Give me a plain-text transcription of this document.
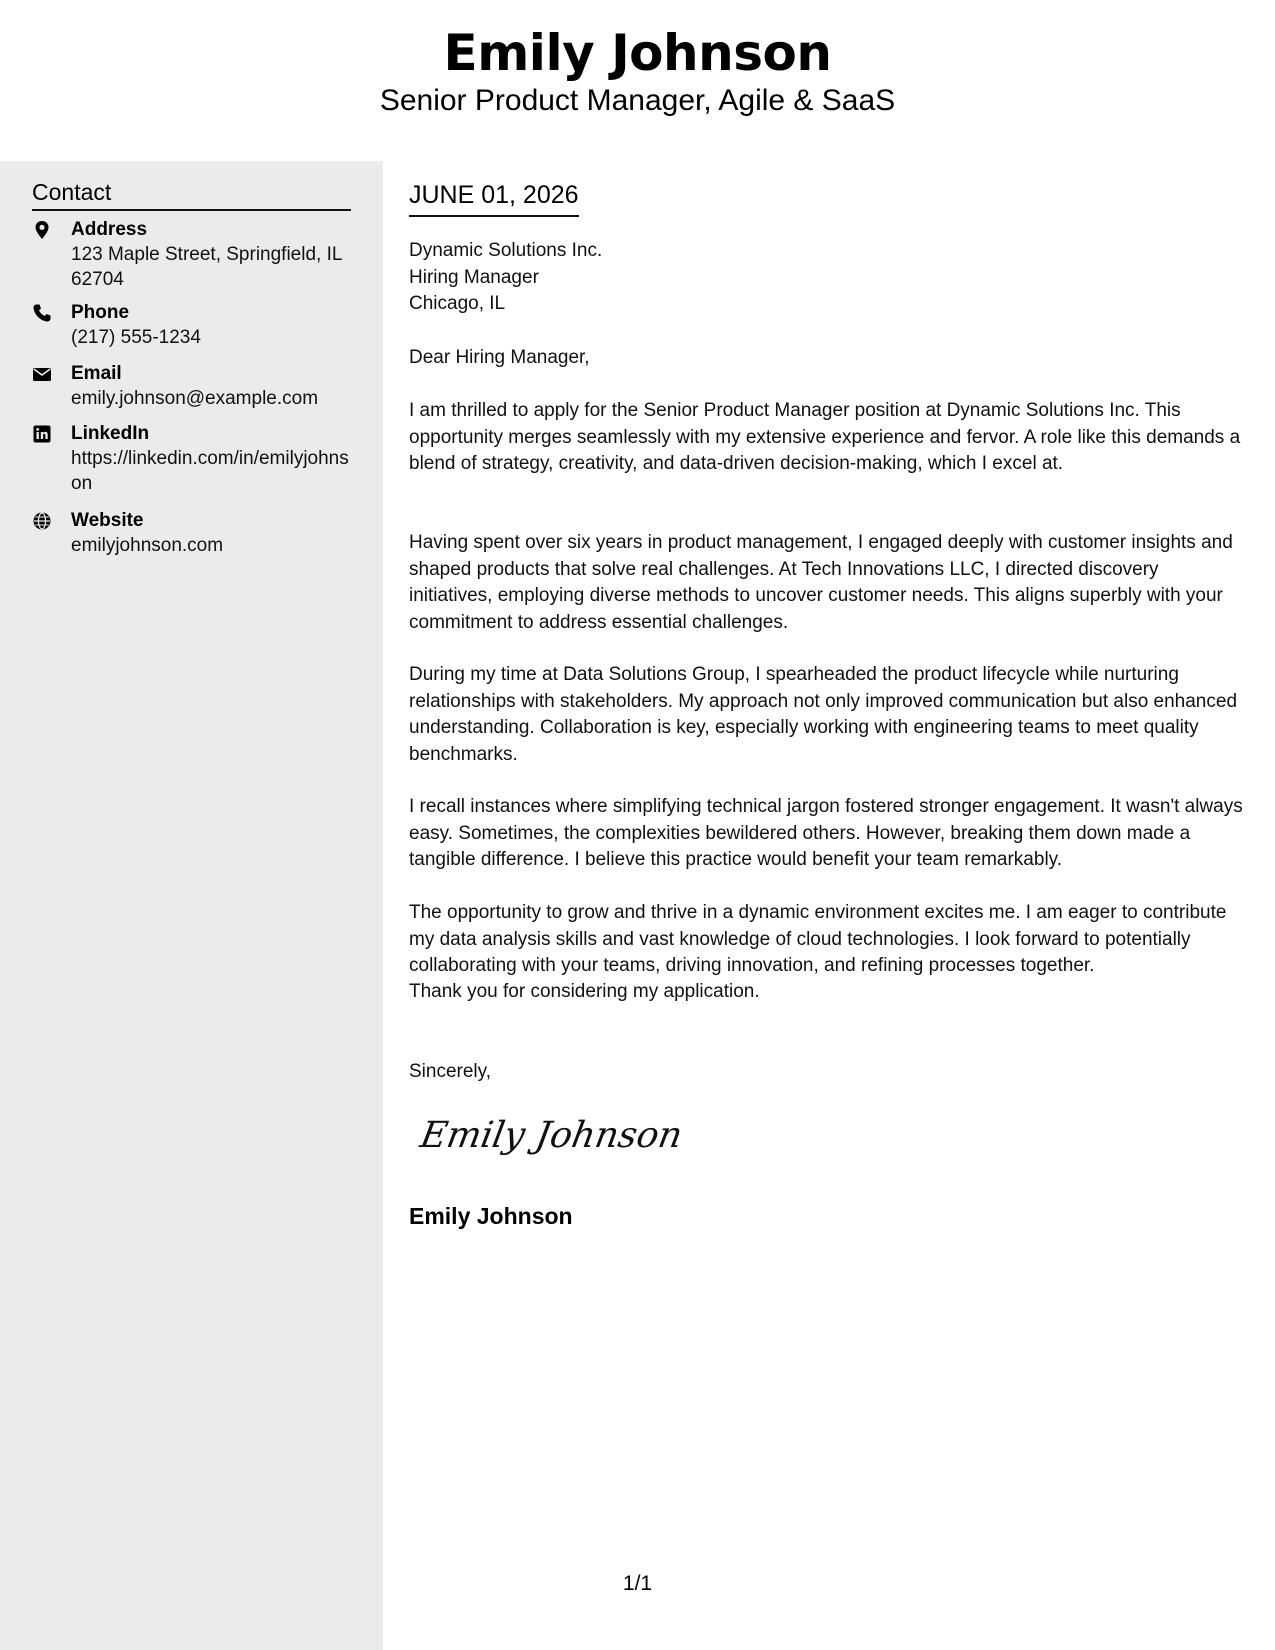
Emily Johnson
Senior Product Manager, Agile & SaaS
Contact
Address
123 Maple Street, Springfield, IL 62704
Phone
(217) 555-1234
Email
emily.johnson@example.com
LinkedIn
https://linkedin.com/in/emilyjohnson
Website
emilyjohnson.com
JUNE 01, 2026
Dynamic Solutions Inc.
Hiring Manager
Chicago, IL
Dear Hiring Manager,
I am thrilled to apply for the Senior Product Manager position at Dynamic Solutions Inc. This opportunity merges seamlessly with my extensive experience and fervor. A role like this demands a blend of strategy, creativity, and data-driven decision-making, which I excel at.
Having spent over six years in product management, I engaged deeply with customer insights and shaped products that solve real challenges. At Tech Innovations LLC, I directed discovery initiatives, employing diverse methods to uncover customer needs. This aligns superbly with your commitment to address essential challenges.
During my time at Data Solutions Group, I spearheaded the product lifecycle while nurturing relationships with stakeholders. My approach not only improved communication but also enhanced understanding. Collaboration is key, especially working with engineering teams to meet quality benchmarks.
I recall instances where simplifying technical jargon fostered stronger engagement. It wasn't always easy. Sometimes, the complexities bewildered others. However, breaking them down made a tangible difference. I believe this practice would benefit your team remarkably.
The opportunity to grow and thrive in a dynamic environment excites me. I am eager to contribute my data analysis skills and vast knowledge of cloud technologies. I look forward to potentially collaborating with your teams, driving innovation, and refining processes together.
Thank you for considering my application.
Sincerely,
Emily Johnson
Emily Johnson
1/1
